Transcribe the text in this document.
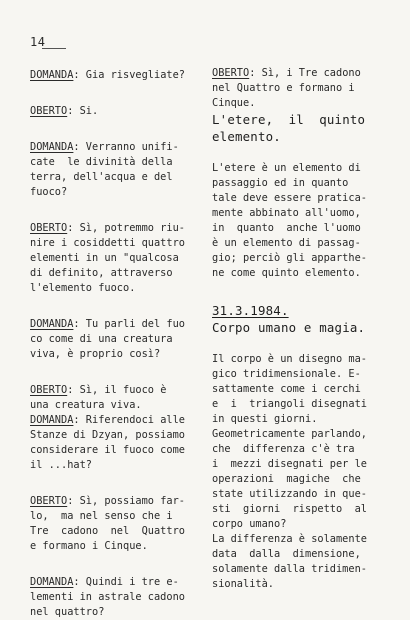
14
DOMANDA: Gia risvegliate?
OBERTO: Si.
DOMANDA: Verranno unifi-
cate  le divinità della
terra, dell'acqua e del
fuoco?
OBERTO: Sì, potremmo riu-
nire i cosiddetti quattro
elementi in un "qualcosa
di definito, attraverso
l'elemento fuoco.
DOMANDA: Tu parli del fuo
co come di una creatura
viva, è proprio così?
OBERTO: Sì, il fuoco è
una creatura viva.
DOMANDA: Riferendoci alle
Stanze di Dzyan, possiamo
considerare il fuoco come
il ...hat?
OBERTO: Sì, possiamo far-
lo,  ma nel senso che i
Tre  cadono  nel  Quattro
e formano i Cinque.
DOMANDA: Quindi i tre e-
lementi in astrale cadono
nel quattro?
OBERTO: Sì, i Tre cadono
nel Quattro e formano i
Cinque.
L'etere,  il  quinto
elemento.
L'etere è un elemento di
passaggio ed in quanto
tale deve essere pratica-
mente abbinato all'uomo,
in  quanto  anche l'uomo
è un elemento di passag-
gio; perciò gli apparthe-
ne come quinto elemento.
31.3.1984.
Corpo umano e magia.
Il corpo è un disegno ma-
gico tridimensionale. E-
sattamente come i cerchi
e  i  triangoli disegnati
in questi giorni.
Geometricamente parlando,
che  differenza c'è tra
i  mezzi disegnati per le
operazioni  magiche  che
state utilizzando in que-
sti  giorni  rispetto  al
corpo umano?
La differenza è solamente
data  dalla  dimensione,
solamente dalla tridimen-
sionalità.
